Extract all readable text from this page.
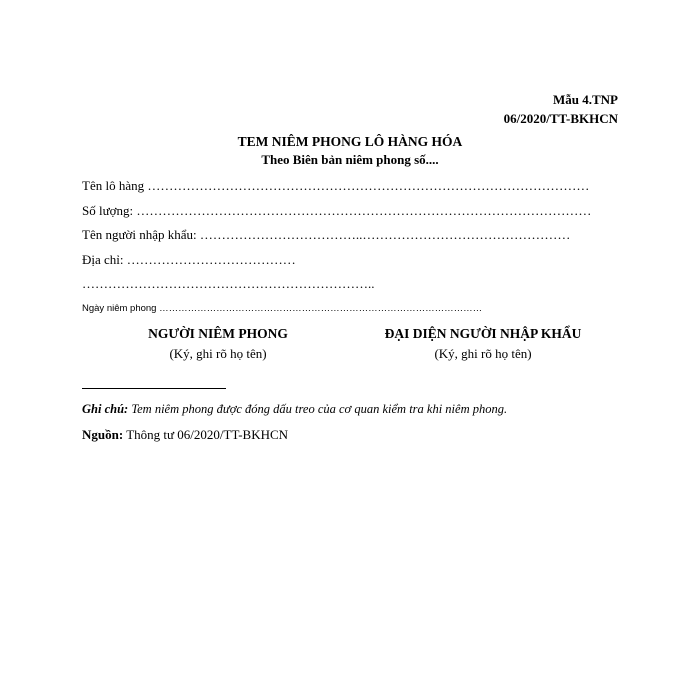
Mẫu 4.TNP
06/2020/TT-BKHCN
TEM NIÊM PHONG LÔ HÀNG HÓA
Theo Biên bản niêm phong số....
Tên lô hàng …………………………………………………………………………………………
Số lượng: ……………………………………………………………………………………………
Tên người nhập khẩu: ………………………………..…………………………………………
Địa chỉ: …………………………………
…………………………………………………………..
Ngày niêm phong …………………………………………………………………………………………
NGƯỜI NIÊM PHONG
(Ký, ghi rõ họ tên)
ĐẠI DIỆN NGƯỜI NHẬP KHẨU
(Ký, ghi rõ họ tên)
Ghi chú: Tem niêm phong được đóng dấu treo của cơ quan kiểm tra khi niêm phong.
Nguồn: Thông tư 06/2020/TT-BKHCN
